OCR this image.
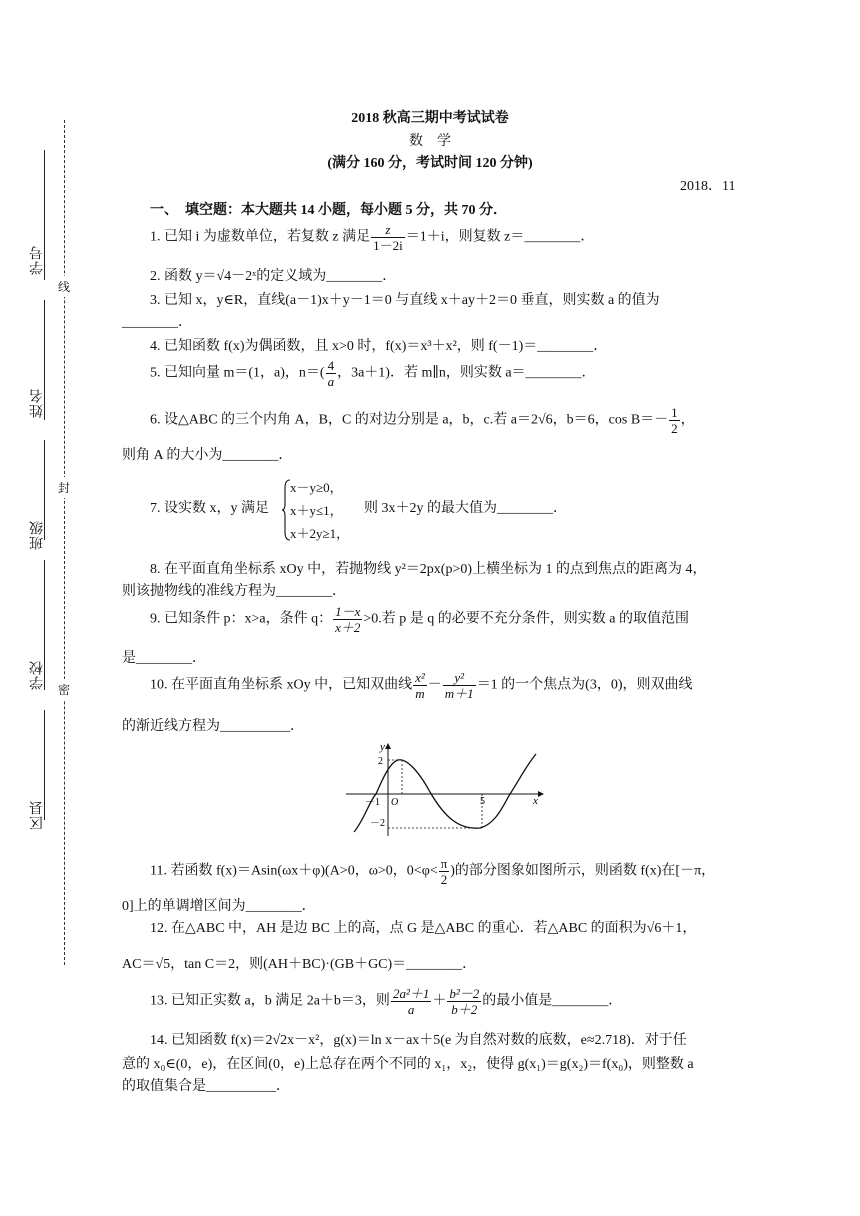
学号
姓名
班级
学校
区县
线
封
密
2018 秋高三期中考试试卷
数　学
(满分 160 分，考试时间 120 分钟)
2018．11
一、　填空题：本大题共 14 小题，每小题 5 分，共 70 分．
1. 已知 i 为虚数单位，若复数 z 满足 $\frac{z}{1-2i} =1+i$，则复数 z＝________．
2. 函数 y＝√4－2ˣ的定义域为________．
3. 已知 x，y∈R，直线(a－1)x＋y－1＝0 与直线 x＋ay＋2＝0 垂直，则实数 a 的值为
________．
4. 已知函数 f(x)为偶函数，且 x>0 时，f(x)＝x³＋x²，则 f(－1)＝________．
5. 已知向量 m＝(1，a)，$n=( \frac{4}{a}$ ，3a＋1)．若 m∥n，则实数 a＝________．
6. 设△ABC 的三个内角 A，B，C 的对边分别是 a，b，c.若 a＝2√6，b＝6，$\cos B=- \frac{1}{2}$ ，
则角 A 的大小为________．
7. 设实数 x，y 满足
x－y≥0，
x＋y≤1，
x＋2y≥1，
则 3x＋2y 的最大值为________．
8. 在平面直角坐标系 xOy 中，若抛物线 y²＝2px(p>0)上横坐标为 1 的点到焦点的距离为 4，
则该抛物线的准线方程为________．
9. 已知条件 p：x>a，条件 q： $\frac{1-x}{x+2} >0$.若 p 是 q 的必要不充分条件，则实数 a 的取值范围
是________．
10. 在平面直角坐标系 xOy 中，已知双曲线 $\frac{\text{x²}}{m} - \frac{\text{y²}}{m+1} =1$ 的一个焦点为(3，0)，则双曲线
的渐近线方程为__________．
y
x
O
2
－2
－1	5
11. 若函数 f(x)＝Asin(ωx＋φ)(A>0，ω>0，$0<\varphi< \frac{\pi}{2}$ )的部分图象如图所示，则函数 f(x)在[－π，
0]上的单调增区间为________．
12. 在△ABC 中，AH 是边 BC 上的高，点 G 是△ABC 的重心．若△ABC 的面积为√6＋1，
AC＝√5，tan C＝2，则(AH＋BC)·(GB＋GC)＝________．
13. 已知正实数 a，b 满足 2a＋b＝3，则 $\frac{\text{2a²＋1}}{a} + \frac{\text{b²－2}}{b+2}$ 的最小值是________．
14. 已知函数 f(x)＝2√2x－x²，g(x)＝ln x－ax＋5(e 为自然对数的底数，e≈2.718)．对于任
意的 x₀∈(0，e)，在区间(0，e)上总存在两个不同的 x₁，x₂，使得 g(x₁)＝g(x₂)＝f(x₀)，则整数 a
的取值集合是__________．
